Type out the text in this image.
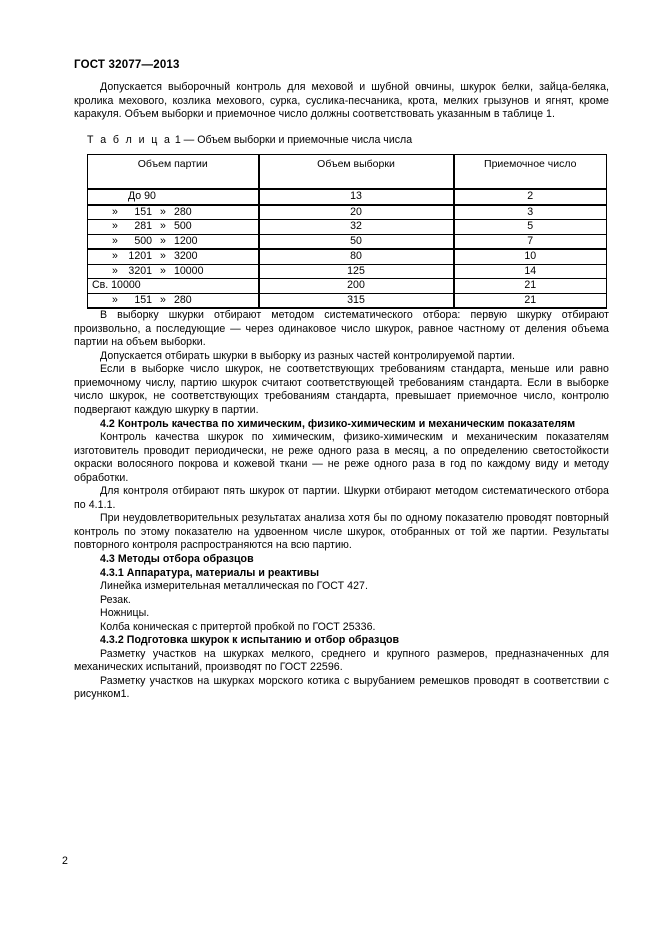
ГОСТ 32077—2013

Допускается выборочный контроль для меховой и шубной овчины, шкурок белки, зайца-беляка, кролика мехового, козлика мехового, сурка, суслика-песчаника, крота, мелких грызунов и ягнят, кроме каракуля. Объем выборки и приемочное число должны соответствовать указанным в таблице 1.

Т а б л и ц а 1 — Объем выборки и приемочные числа числа
Объем партии	Объем выборки	Приемочное число

До 90	13	2

» 151 » 280	20	3

» 281 » 500	32	5

» 500 » 1200	50	7

» 1201 » 3200	80	10

» 3201 » 10000	125	14

Св. 10000	200	21

» 151 » 280	315	21

В выборку шкурки отбирают методом систематического отбора: первую шкурку отбирают произвольно, а последующие — через одинаковое число шкурок, равное частному от деления объема партии на объем выборки.

Допускается отбирать шкурки в выборку из разных частей контролируемой партии.

Если в выборке число шкурок, не соответствующих требованиям стандарта, меньше или равно приемочному числу, партию шкурок считают соответствующей требованиям стандарта. Если в выборке число шкурок, не соответствующих требованиям стандарта, превышает приемочное число, контролю подвергают каждую шкурку в партии.

4.2 Контроль качества по химическим, физико-химическим и механическим показателям

Контроль качества шкурок по химическим, физико-химическим и механическим показателям изготовитель проводит периодически, не реже одного раза в месяц, а по определению светостойкости окраски волосяного покрова и кожевой ткани — не реже одного раза в год по каждому виду и методу обработки.

Для контроля отбирают пять шкурок от партии. Шкурки отбирают методом систематического отбора по 4.1.1.

При неудовлетворительных результатах анализа хотя бы по одному показателю проводят повторный контроль по этому показателю на удвоенном числе шкурок, отобранных от той же партии. Результаты повторного контроля распространяются на всю партию.

4.3 Методы отбора образцов

4.3.1 Аппаратура, материалы и реактивы

Линейка измерительная металлическая по ГОСТ 427.

Резак.

Ножницы.

Колба коническая с притертой пробкой по ГОСТ 25336.

4.3.2 Подготовка шкурок к испытанию и отбор образцов

Разметку участков на шкурках мелкого, среднего и крупного размеров, предназначенных для механических испытаний, производят по ГОСТ 22596.

Разметку участков на шкурках морского котика с вырубанием ремешков проводят в соответствии с рисунком1.

2
